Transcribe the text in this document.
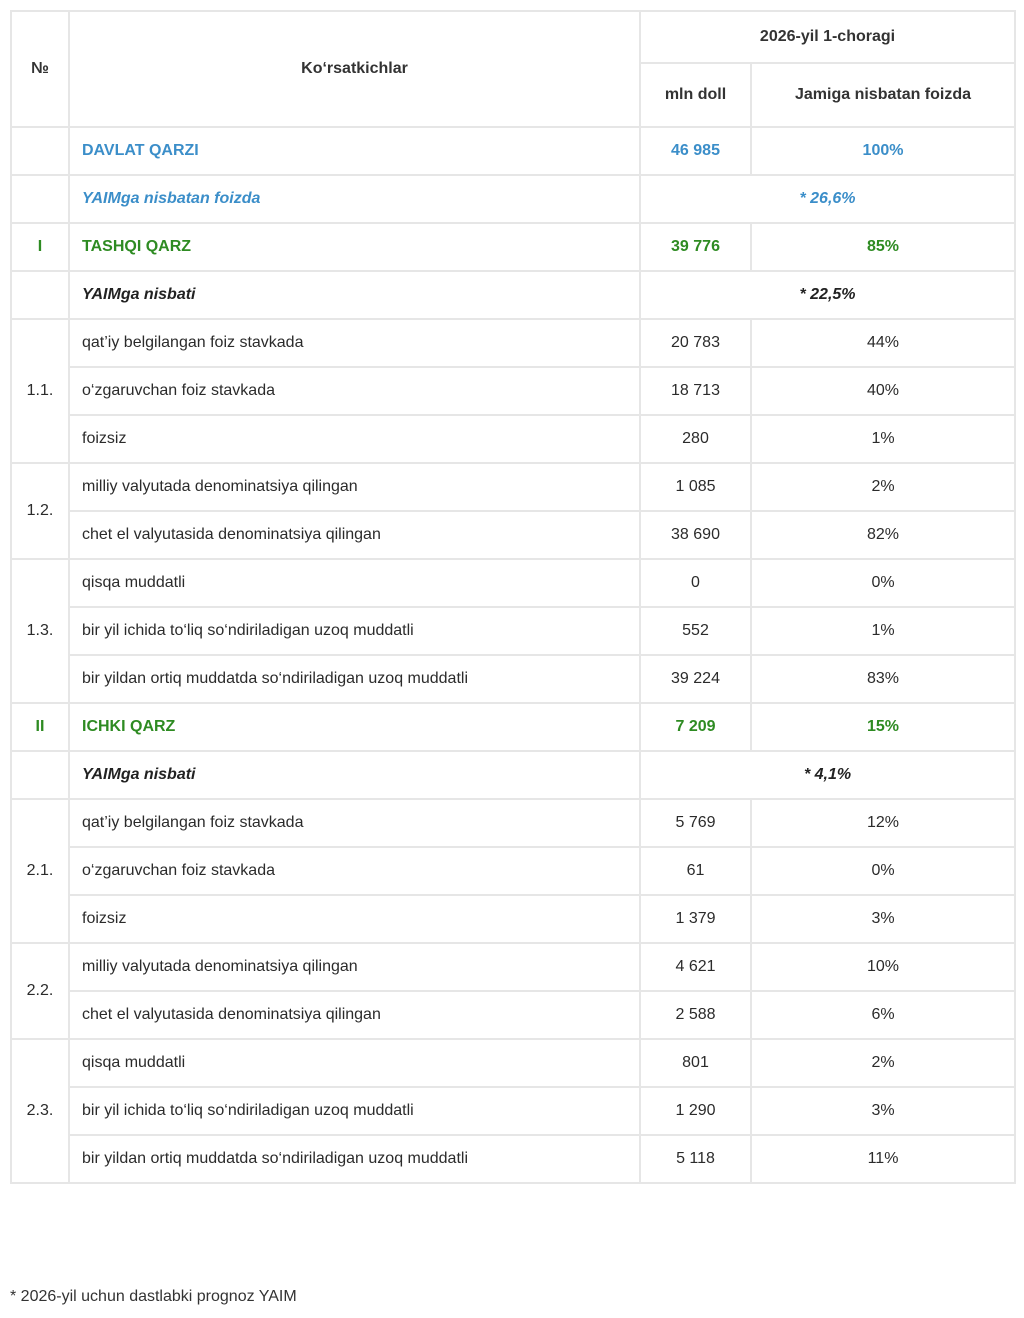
№	Ko‘rsatkichlar	2026-yil 1-choragi	
		mln doll	Jamiga nisbatan foizda
	DAVLAT QARZI	46 985	100%
	YAIMga nisbatan foizda	* 26,6%	
I	TASHQI QARZ	39 776	85%
	YAIMga nisbati	* 22,5%	
1.1.	qat’iy belgilangan foiz stavkada	20 783	44%
	o‘zgaruvchan foiz stavkada	18 713	40%
	foizsiz	280	1%
1.2.	milliy valyutada denominatsiya qilingan	1 085	2%
	chet el valyutasida denominatsiya qilingan	38 690	82%
1.3.	qisqa muddatli	0	0%
	bir yil ichida to‘liq so‘ndiriladigan uzoq muddatli	552	1%
	bir yildan ortiq muddatda so‘ndiriladigan uzoq muddatli	39 224	83%
II	ICHKI QARZ	7 209	15%
	YAIMga nisbati	* 4,1%	
2.1.	qat’iy belgilangan foiz stavkada	5 769	12%
	o‘zgaruvchan foiz stavkada	61	0%
	foizsiz	1 379	3%
2.2.	milliy valyutada denominatsiya qilingan	4 621	10%
	chet el valyutasida denominatsiya qilingan	2 588	6%
2.3.	qisqa muddatli	801	2%
	bir yil ichida to‘liq so‘ndiriladigan uzoq muddatli	1 290	3%
	bir yildan ortiq muddatda so‘ndiriladigan uzoq muddatli	5 118	11%
* 2026-yil uchun dastlabki prognoz YAIM
